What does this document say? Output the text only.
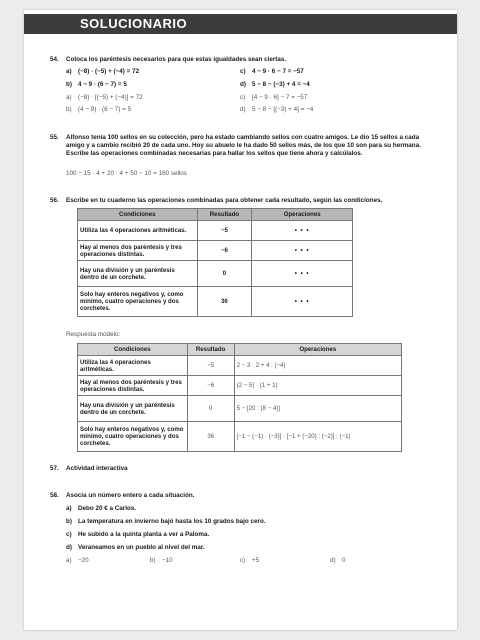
SOLUCIONARIO
54. Coloca los paréntesis necesarios para que estas igualdades sean ciertas.
a) (−8) · (−5) + (−4) = 72	c) 4 − 9 · 6 − 7 = −57
b) 4 − 9 · (6 − 7) = 5	d) 5 − 8 − (−3) + 4 = −4
a) (−8) · [(−5) + (−4)] = 72	c) [4 − 9 · 6] − 7 = −57
b) (4 − 9) · (6 − 7) = 5	d) 5 − 8 − [(−3) + 4] = −4
55. Alfonso tenía 100 sellos en su colección, pero ha estado cambiando sellos con cuatro amigos. Le dio 15 sellos a cada amigo y a cambio recibió 20 de cada uno. Hoy su abuelo le ha dado 50 sellos más, de los que 10 son para su hermana. Escribe las operaciones combinadas necesarias para hallar los sellos que tiene ahora y calcúlalos.
100 − 15 · 4 + 20 · 4 + 50 − 10 = 160 sellos
56. Escribe en tu cuaderno las operaciones combinadas para obtener cada resultado, según las condiciones.
Condiciones	Resultado	Operaciones
Utiliza las 4 operaciones aritméticas.	−5	• • •
Hay al menos dos paréntesis y tres operaciones distintas.	−6	• • •
Hay una división y un paréntesis dentro de un corchete.	0	• • •
Solo hay enteros negativos y, como mínimo, cuatro operaciones y dos corchetes.	36	• • •
Respuesta modelo:
Condiciones	Resultado	Operaciones
Utiliza las 4 operaciones aritméticas.	−5	2 − 3 · 2 + 4 : (−4)
Hay al menos dos paréntesis y tres operaciones distintas.	−6	(2 − 5) · (1 + 1)
Hay una división y un paréntesis dentro de un corchete.	0	5 − [20 : (8 − 4)]
Solo hay enteros negativos y, como mínimo, cuatro operaciones y dos corchetes.	36	[−1 − (−1) · (−3)] · [−1 + (−20) : (−2)] : (−1)
57. Actividad interactiva
58. Asocia un número entero a cada situación.
a) Debo 20 € a Carlos.
b) La temperatura en invierno bajó hasta los 10 grados bajo cero.
c) He subido a la quinta planta a ver a Paloma.
d) Veraneamos en un pueblo al nivel del mar.
a) −20	b) −10	c) +5	d) 0
